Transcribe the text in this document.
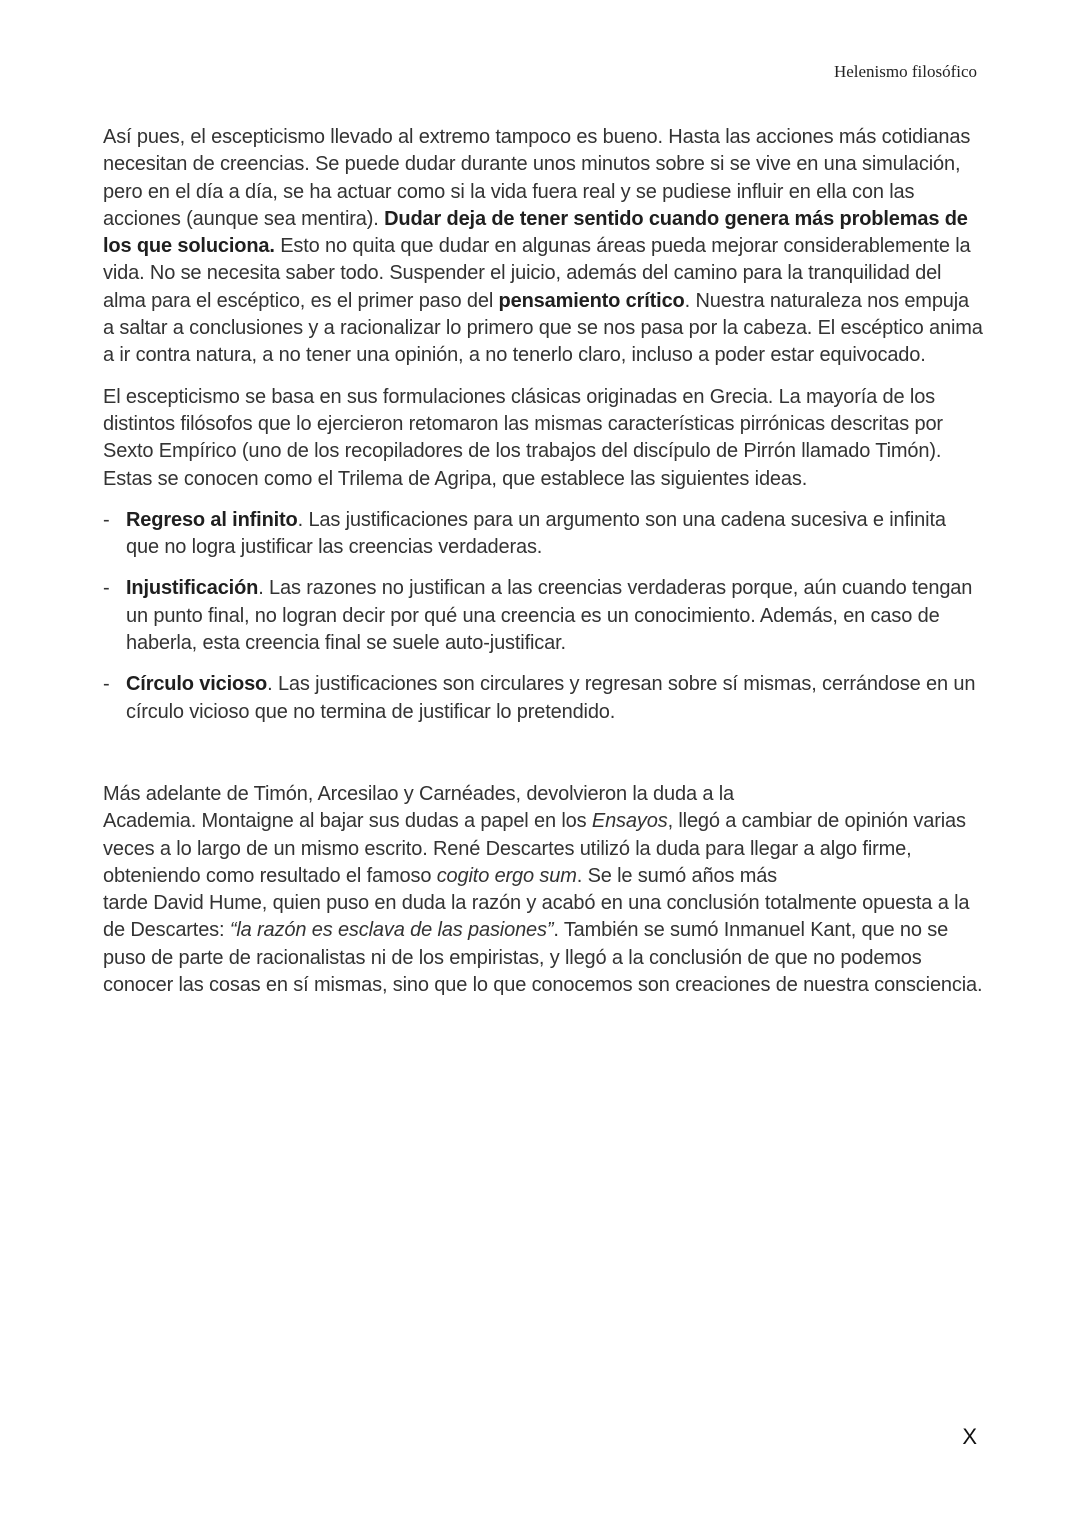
Helenismo filosófico

Así pues, el escepticismo llevado al extremo tampoco es bueno. Hasta las acciones más cotidianas necesitan de creencias. Se puede dudar durante unos minutos sobre si se vive en una simulación, pero en el día a día, se ha actuar como si la vida fuera real y se pudiese influir en ella con las acciones (aunque sea mentira). Dudar deja de tener sentido cuando genera más problemas de los que soluciona. Esto no quita que dudar en algunas áreas pueda mejorar considerablemente la vida. No se necesita saber todo. Suspender el juicio, además del camino para la tranquilidad del alma para el escéptico, es el primer paso del pensamiento crítico. Nuestra naturaleza nos empuja a saltar a conclusiones y a racionalizar lo primero que se nos pasa por la cabeza. El escéptico anima a ir contra natura, a no tener una opinión, a no tenerlo claro, incluso a poder estar equivocado.

El escepticismo se basa en sus formulaciones clásicas originadas en Grecia. La mayoría de los distintos filósofos que lo ejercieron retomaron las mismas características pirrónicas descritas por Sexto Empírico (uno de los recopiladores de los trabajos del discípulo de Pirrón llamado Timón). Estas se conocen como el Trilema de Agripa, que establece las siguientes ideas.

- Regreso al infinito. Las justificaciones para un argumento son una cadena sucesiva e infinita que no logra justificar las creencias verdaderas.
- Injustificación. Las razones no justifican a las creencias verdaderas porque, aún cuando tengan un punto final, no logran decir por qué una creencia es un conocimiento. Además, en caso de haberla, esta creencia final se suele auto-justificar.
- Círculo vicioso. Las justificaciones son circulares y regresan sobre sí mismas, cerrándose en un círculo vicioso que no termina de justificar lo pretendido.

Más adelante de Timón, Arcesilao y Carnéades, devolvieron la duda a la
Academia. Montaigne al bajar sus dudas a papel en los Ensayos, llegó a cambiar de opinión varias veces a lo largo de un mismo escrito. René Descartes utilizó la duda para llegar a algo firme, obteniendo como resultado el famoso cogito ergo sum. Se le sumó años más
tarde David Hume, quien puso en duda la razón y acabó en una conclusión totalmente opuesta a la de Descartes: “la razón es esclava de las pasiones”. También se sumó Inmanuel Kant, que no se puso de parte de racionalistas ni de los empiristas, y llegó a la conclusión de que no podemos conocer las cosas en sí mismas, sino que lo que conocemos son creaciones de nuestra consciencia.

X
